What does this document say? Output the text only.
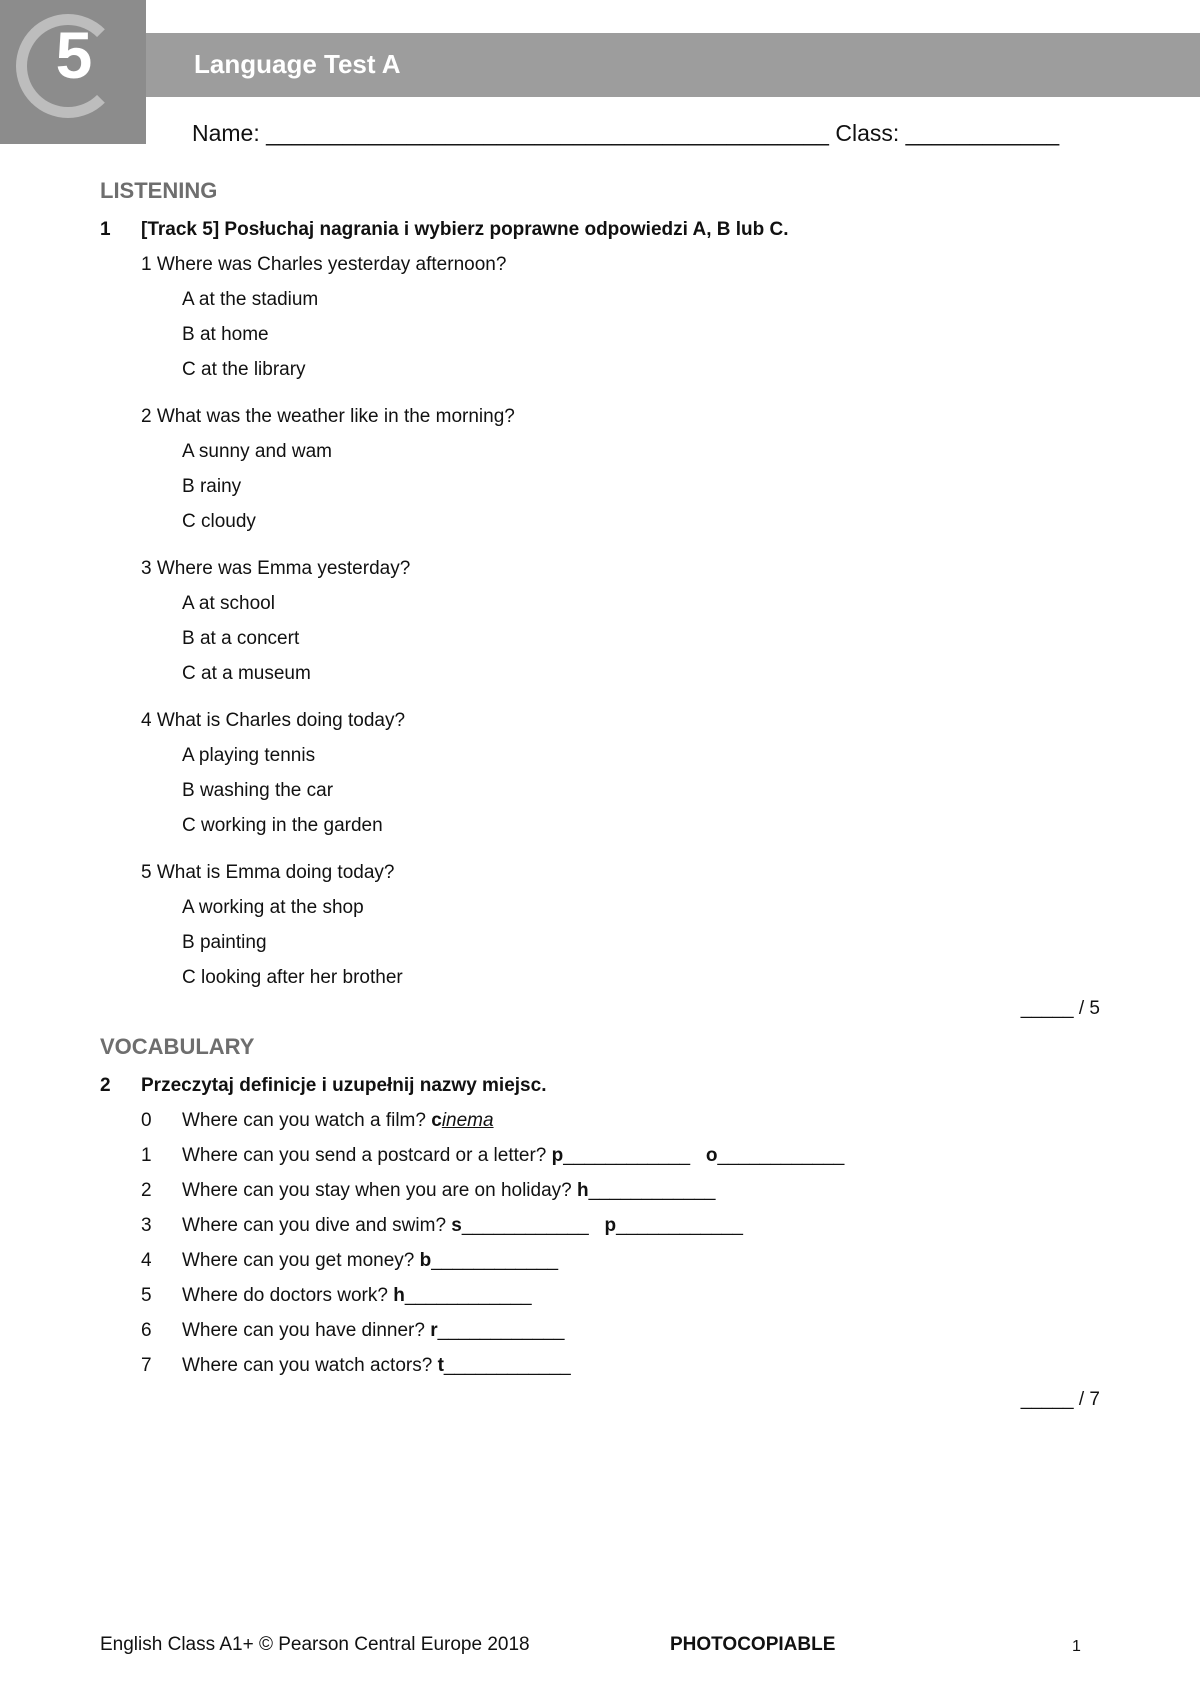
5	Language Test A
Name: ____________________________________________ Class: ____________
LISTENING
1 [Track 5] Posłuchaj nagrania i wybierz poprawne odpowiedzi A, B lub C.
1 Where was Charles yesterday afternoon?
A at the stadium
B at home
C at the library
2 What was the weather like in the morning?
A sunny and wam
B rainy
C cloudy
3 Where was Emma yesterday?
A at school
B at a concert
C at a museum
4 What is Charles doing today?
A playing tennis
B washing the car
C working in the garden
5 What is Emma doing today?
A working at the shop
B painting
C looking after her brother
_____ / 5
VOCABULARY
2 Przeczytaj definicje i uzupełnij nazwy miejsc.
0 Where can you watch a film? cinema
1 Where can you send a postcard or a letter? p____________ o____________
2 Where can you stay when you are on holiday? h____________
3 Where can you dive and swim? s____________ p____________
4 Where can you get money? b____________
5 Where do doctors work? h____________
6 Where can you have dinner? r____________
7 Where can you watch actors? t____________
_____ / 7
English Class A1+ © Pearson Central Europe 2018	PHOTOCOPIABLE	1
